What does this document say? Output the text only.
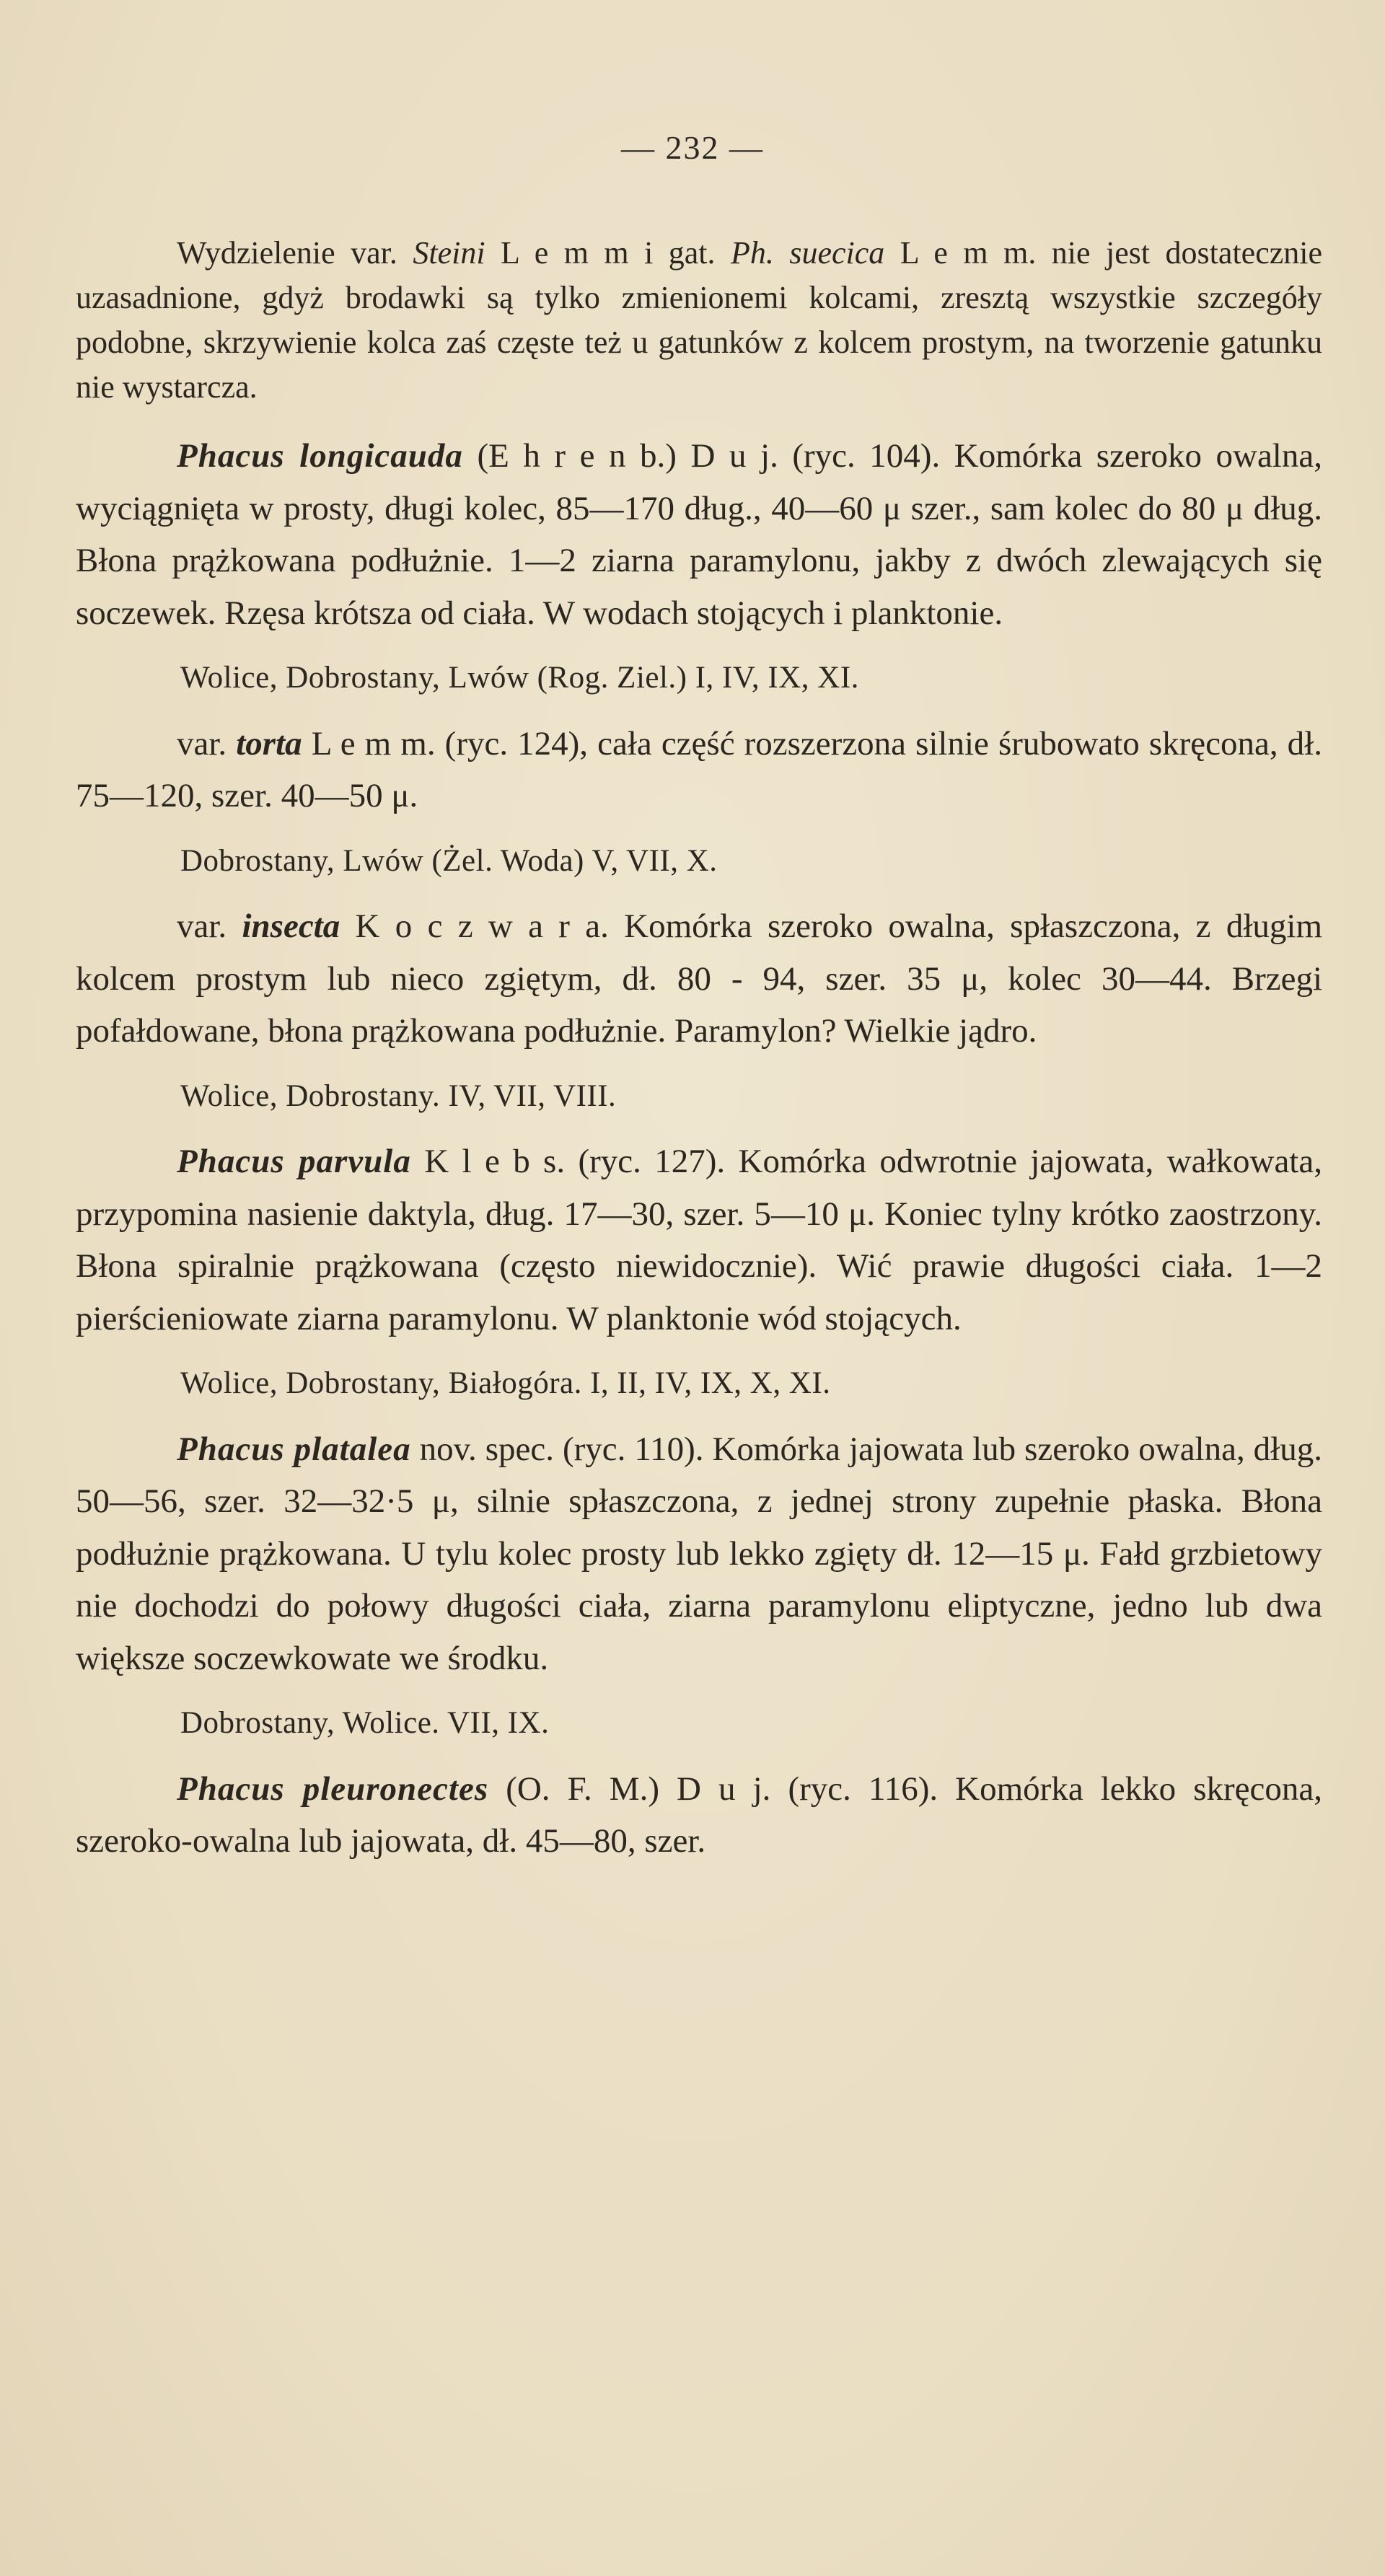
— 232 —

Wydzielenie var. Steini L e m m i gat. Ph. suecica L e m m. nie jest dostatecznie uzasadnione, gdyż brodawki są tylko zmienionemi kolcami, zresztą wszystkie szczegóły podobne, skrzywienie kolca zaś częste też u gatunków z kolcem prostym, na tworzenie gatunku nie wystarcza.

Phacus longicauda (E h r e n b.) D u j. (ryc. 104). Komórka szeroko owalna, wyciągnięta w prosty, długi kolec, 85—170 dług., 40—60 μ szer., sam kolec do 80 μ dług. Błona prążkowana podłużnie. 1—2 ziarna paramylonu, jakby z dwóch zlewających się soczewek. Rzęsa krótsza od ciała. W wodach stojących i planktonie.

Wolice, Dobrostany, Lwów (Rog. Ziel.) I, IV, IX, XI.

var. torta L e m m. (ryc. 124), cała część rozszerzona silnie śrubowato skręcona, dł. 75—120, szer. 40—50 μ.

Dobrostany, Lwów (Żel. Woda) V, VII, X.

var. insecta K o c z w a r a. Komórka szeroko owalna, spłaszczona, z długim kolcem prostym lub nieco zgiętym, dł. 80 - 94, szer. 35 μ, kolec 30—44. Brzegi pofałdowane, błona prążkowana podłużnie. Paramylon? Wielkie jądro.

Wolice, Dobrostany. IV, VII, VIII.

Phacus parvula K l e b s. (ryc. 127). Komórka odwrotnie jajowata, wałkowata, przypomina nasienie daktyla, dług. 17—30, szer. 5—10 μ. Koniec tylny krótko zaostrzony. Błona spiralnie prążkowana (często niewidocznie). Wić prawie długości ciała. 1—2 pierścieniowate ziarna paramylonu. W planktonie wód stojących.

Wolice, Dobrostany, Białogóra. I, II, IV, IX, X, XI.

Phacus platalea nov. spec. (ryc. 110). Komórka jajowata lub szeroko owalna, dług. 50—56, szer. 32—32·5 μ, silnie spłaszczona, z jednej strony zupełnie płaska. Błona podłużnie prążkowana. U tylu kolec prosty lub lekko zgięty dł. 12—15 μ. Fałd grzbietowy nie dochodzi do połowy długości ciała, ziarna paramylonu eliptyczne, jedno lub dwa większe soczewkowate we środku.

Dobrostany, Wolice. VII, IX.

Phacus pleuronectes (O. F. M.) D u j. (ryc. 116). Komórka lekko skręcona, szeroko-owalna lub jajowata, dł. 45—80, szer.
